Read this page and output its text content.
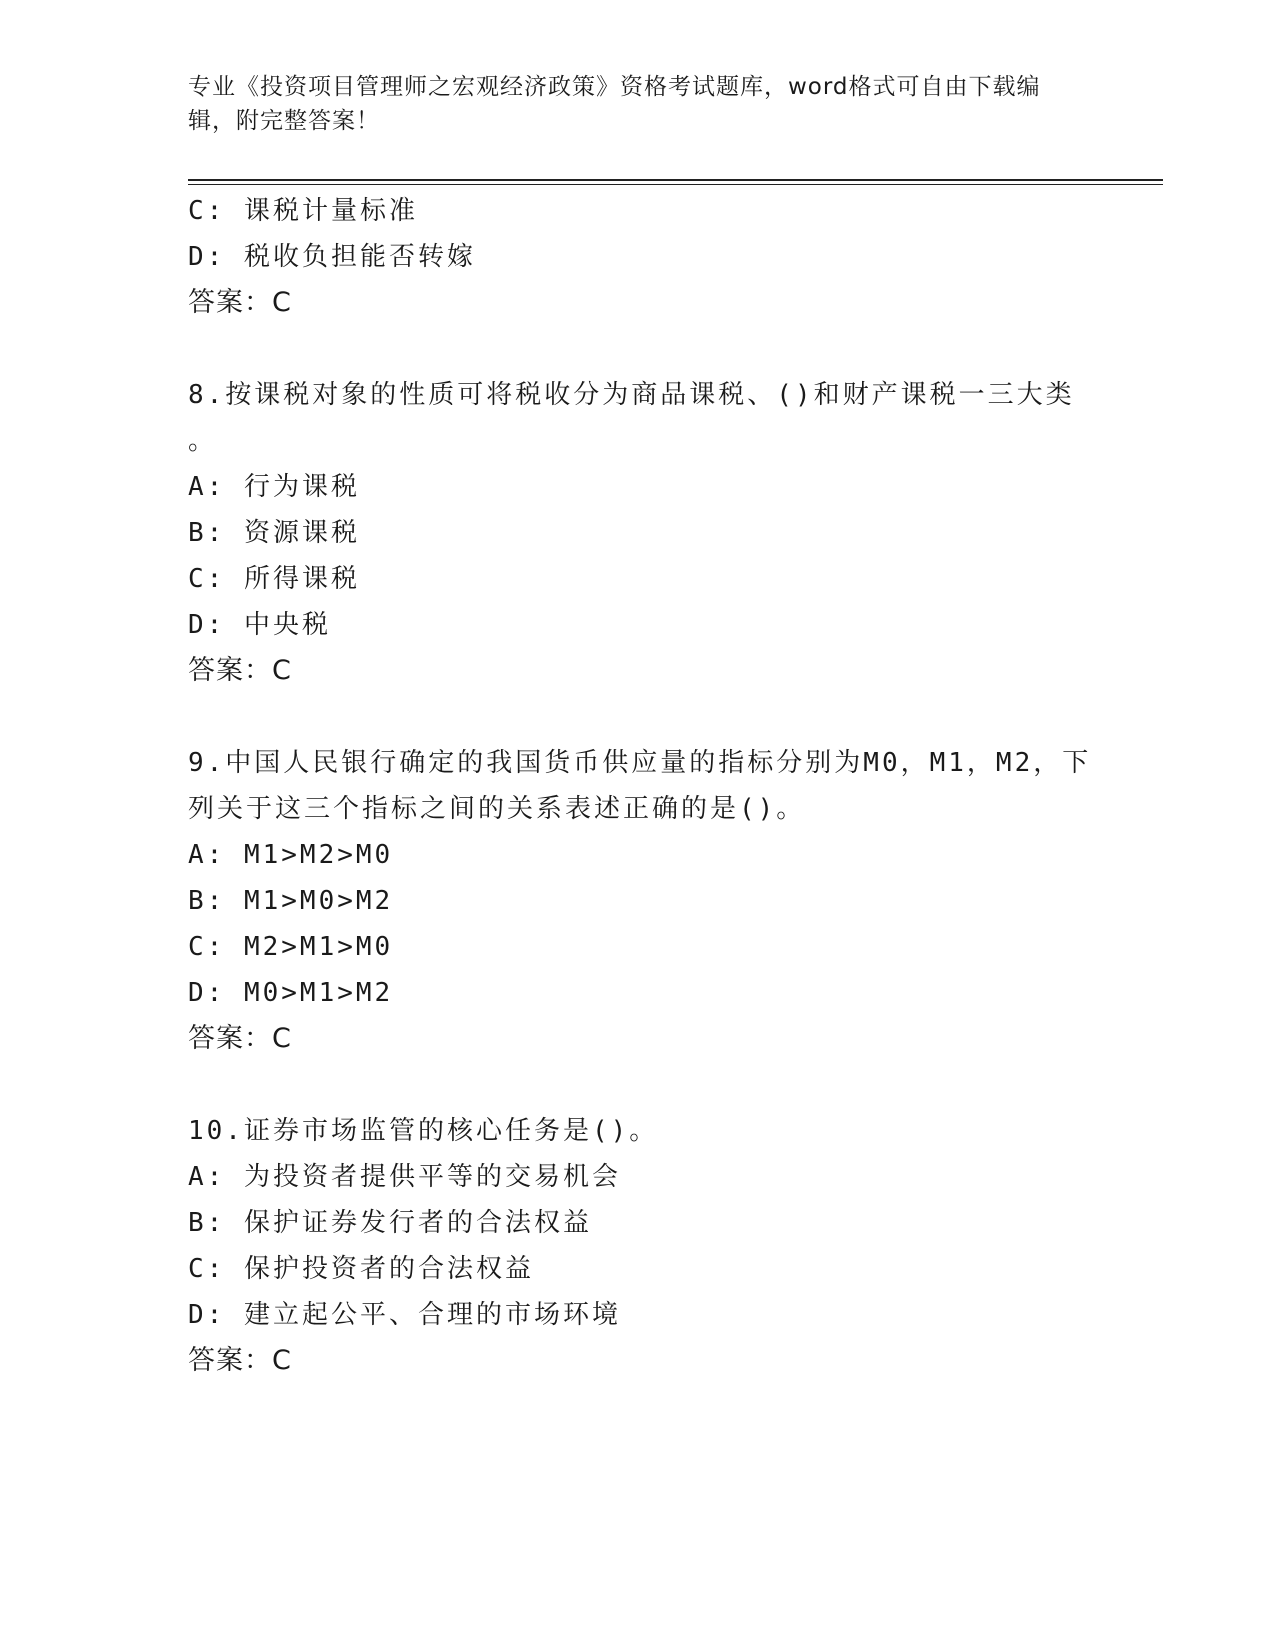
专业《投资项目管理师之宏观经济政策》资格考试题库，word格式可自由下载编
辑，附完整答案！
C: 课税计量标准
D: 税收负担能否转嫁
答案：C
8.按课税对象的性质可将税收分为商品课税、()和财产课税一三大类
。
A: 行为课税
B: 资源课税
C: 所得课税
D: 中央税
答案：C
9.中国人民银行确定的我国货币供应量的指标分别为M0，M1，M2，下
列关于这三个指标之间的关系表述正确的是()。
A: M1>M2>M0
B: M1>M0>M2
C: M2>M1>M0
D: M0>M1>M2
答案：C
10.证券市场监管的核心任务是()。
A: 为投资者提供平等的交易机会
B: 保护证券发行者的合法权益
C: 保护投资者的合法权益
D: 建立起公平、合理的市场环境
答案：C
